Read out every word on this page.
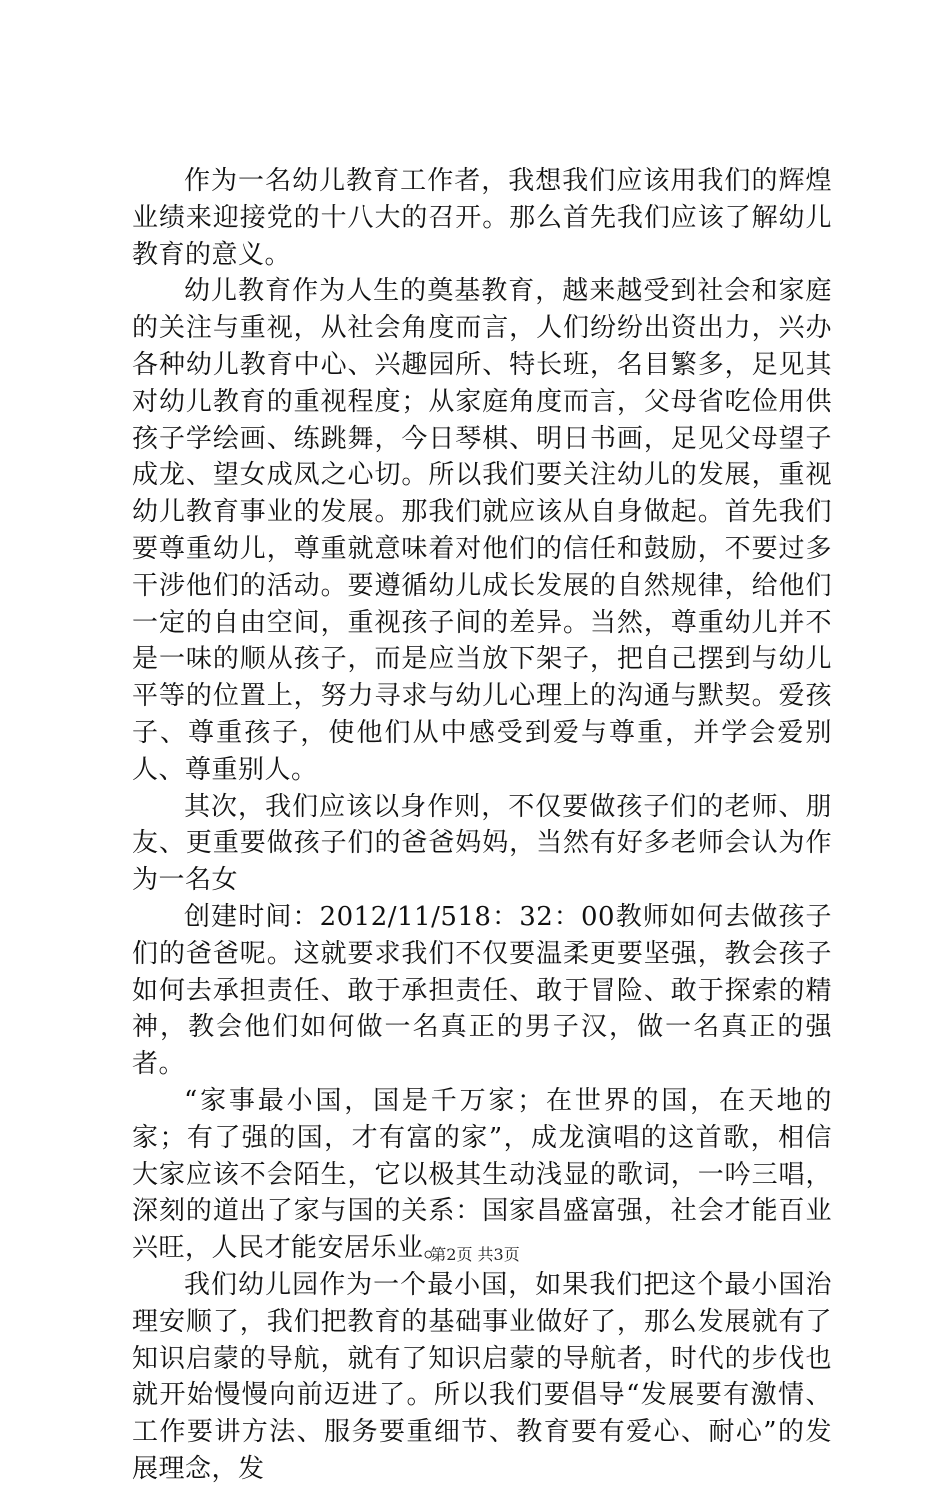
作为一名幼儿教育工作者，我想我们应该用我们的辉煌业绩来迎接党的十八大的召开。那么首先我们应该了解幼儿教育的意义。

幼儿教育作为人生的奠基教育，越来越受到社会和家庭的关注与重视，从社会角度而言，人们纷纷出资出力，兴办各种幼儿教育中心、兴趣园所、特长班，名目繁多，足见其对幼儿教育的重视程度；从家庭角度而言，父母省吃俭用供孩子学绘画、练跳舞，今日琴棋、明日书画，足见父母望子成龙、望女成凤之心切。所以我们要关注幼儿的发展，重视幼儿教育事业的发展。那我们就应该从自身做起。首先我们要尊重幼儿，尊重就意味着对他们的信任和鼓励，不要过多干涉他们的活动。要遵循幼儿成长发展的自然规律，给他们一定的自由空间，重视孩子间的差异。当然，尊重幼儿并不是一味的顺从孩子，而是应当放下架子，把自己摆到与幼儿平等的位置上，努力寻求与幼儿心理上的沟通与默契。爱孩子、尊重孩子，使他们从中感受到爱与尊重，并学会爱别人、尊重别人。

其次，我们应该以身作则，不仅要做孩子们的老师、朋友、更重要做孩子们的爸爸妈妈，当然有好多老师会认为作为一名女

创建时间：2012/11/518：32：00教师如何去做孩子们的爸爸呢。这就要求我们不仅要温柔更要坚强，教会孩子如何去承担责任、敢于承担责任、敢于冒险、敢于探索的精神，教会他们如何做一名真正的男子汉，做一名真正的强者。

“家事最小国，国是千万家；在世界的国，在天地的家；有了强的国，才有富的家”，成龙演唱的这首歌，相信大家应该不会陌生，它以极其生动浅显的歌词，一吟三唱，深刻的道出了家与国的关系：国家昌盛富强，社会才能百业兴旺，人民才能安居乐业。

我们幼儿园作为一个最小国，如果我们把这个最小国治理安顺了，我们把教育的基础事业做好了，那么发展就有了知识启蒙的导航，就有了知识启蒙的导航者，时代的步伐也就开始慢慢向前迈进了。所以我们要倡导“发展要有激情、工作要讲方法、服务要重细节、教育要有爱心、耐心”的发展理念，发

第2页 共3页
